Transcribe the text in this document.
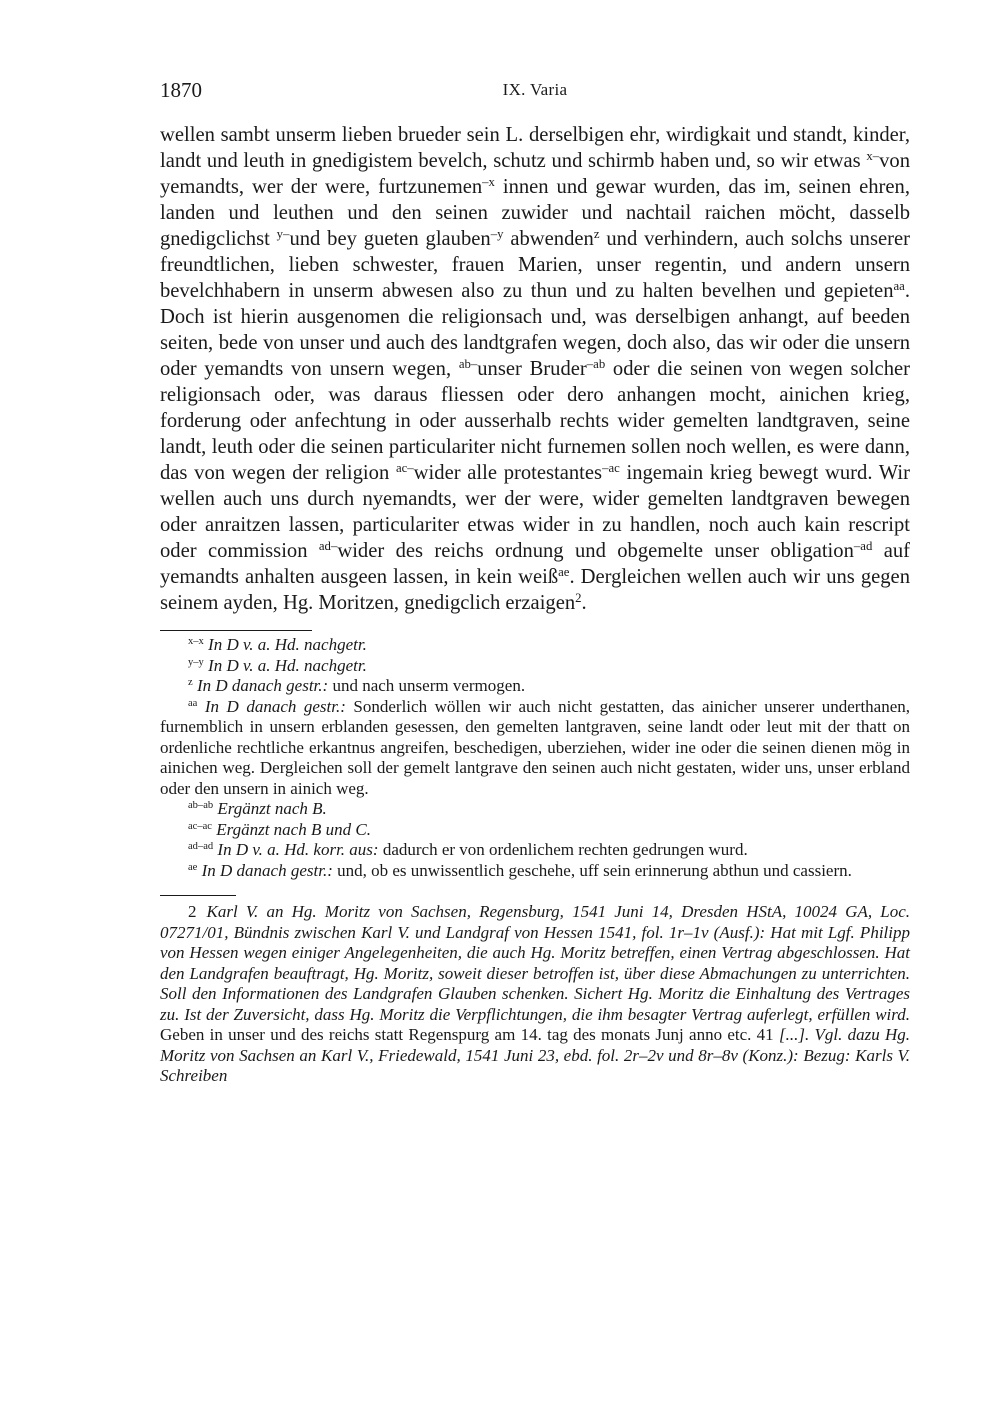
1870	IX. Varia

wellen sambt unserm lieben brueder sein L. derselbigen ehr, wirdigkait und standt, kinder, landt und leuth in gnedigistem bevelch, schutz und schirmb haben und, so wir etwas $^{x-}$von yemandts, wer der were, furtzunemen$^{-x}$ innen und gewar wurden, das im, seinen ehren, landen und leuthen und den seinen zuwider und nachtail raichen möcht, dasselb gnedigclichst $^{y-}$und bey gueten glauben$^{-y}$ abwenden$^z$ und verhindern, auch solchs unserer freundtlichen, lieben schwester, frauen Marien, unser regentin, und andern unsern bevelchhabern in unserm abwesen also zu thun und zu halten bevelhen und gepieten$^{aa}$. Doch ist hierin ausgenomen die religionsach und, was derselbigen anhangt, auf beeden seiten, bede von unser und auch des landtgrafen wegen, doch also, das wir oder die unsern oder yemandts von unsern wegen, $^{ab-}$unser Bruder$^{-ab}$ oder die seinen von wegen solcher religionsach oder, was daraus fliessen oder dero anhangen mocht, ainichen krieg, forderung oder anfechtung in oder ausserhalb rechts wider gemelten landtgraven, seine landt, leuth oder die seinen particulariter nicht furnemen sollen noch wellen, es were dann, das von wegen der religion $^{ac-}$wider alle protestantes$^{-ac}$ ingemain krieg bewegt wurd. Wir wellen auch uns durch nyemandts, wer der were, wider gemelten landtgraven bewegen oder anraitzen lassen, particulariter etwas wider in zu handlen, noch auch kain rescript oder commission $^{ad-}$wider des reichs ordnung und obgemelte unser obligation$^{-ad}$ auf yemandts anhalten ausgeen lassen, in kein weiß$^{ae}$. Dergleichen wellen auch wir uns gegen seinem ayden, Hg. Moritzen, gnedigclich erzaigen$^2$.

$^{x-x}$ In D v. a. Hd. nachgetr.

$^{y-y}$ In D v. a. Hd. nachgetr.

$^z$ In D danach gestr.: und nach unserm vermogen.

$^{aa}$ In D danach gestr.: Sonderlich wöllen wir auch nicht gestatten, das ainicher unserer underthanen, furnemblich in unsern erblanden gesessen, den gemelten lantgraven, seine landt oder leut mit der thatt on ordenliche rechtliche erkantnus angreifen, beschedigen, uberziehen, wider ine oder die seinen dienen mög in ainichen weg. Dergleichen soll der gemelt lantgrave den seinen auch nicht gestaten, wider uns, unser erbland oder den unsern in ainich weg.

$^{ab-ab}$ Ergänzt nach B.

$^{ac-ac}$ Ergänzt nach B und C.

$^{ad-ad}$ In D v. a. Hd. korr. aus: dadurch er von ordenlichem rechten gedrungen wurd.

$^{ae}$ In D danach gestr.: und, ob es unwissentlich geschehe, uff sein erinnerung abthun und cassiern.

2 Karl V. an Hg. Moritz von Sachsen, Regensburg, 1541 Juni 14, Dresden HStA, 10024 GA, Loc. 07271/01, Bündnis zwischen Karl V. und Landgraf von Hessen 1541, fol. 1r–1v (Ausf.): Hat mit Lgf. Philipp von Hessen wegen einiger Angelegenheiten, die auch Hg. Moritz betreffen, einen Vertrag abgeschlossen. Hat den Landgrafen beauftragt, Hg. Moritz, soweit dieser betroffen ist, über diese Abmachungen zu unterrichten. Soll den Informationen des Landgrafen Glauben schenken. Sichert Hg. Moritz die Einhaltung des Vertrages zu. Ist der Zuversicht, dass Hg. Moritz die Verpflichtungen, die ihm besagter Vertrag auferlegt, erfüllen wird. Geben in unser und des reichs statt Regenspurg am 14. tag des monats Junj anno etc. 41 [...]. Vgl. dazu Hg. Moritz von Sachsen an Karl V., Friedewald, 1541 Juni 23, ebd. fol. 2r–2v und 8r–8v (Konz.): Bezug: Karls V. Schreiben
